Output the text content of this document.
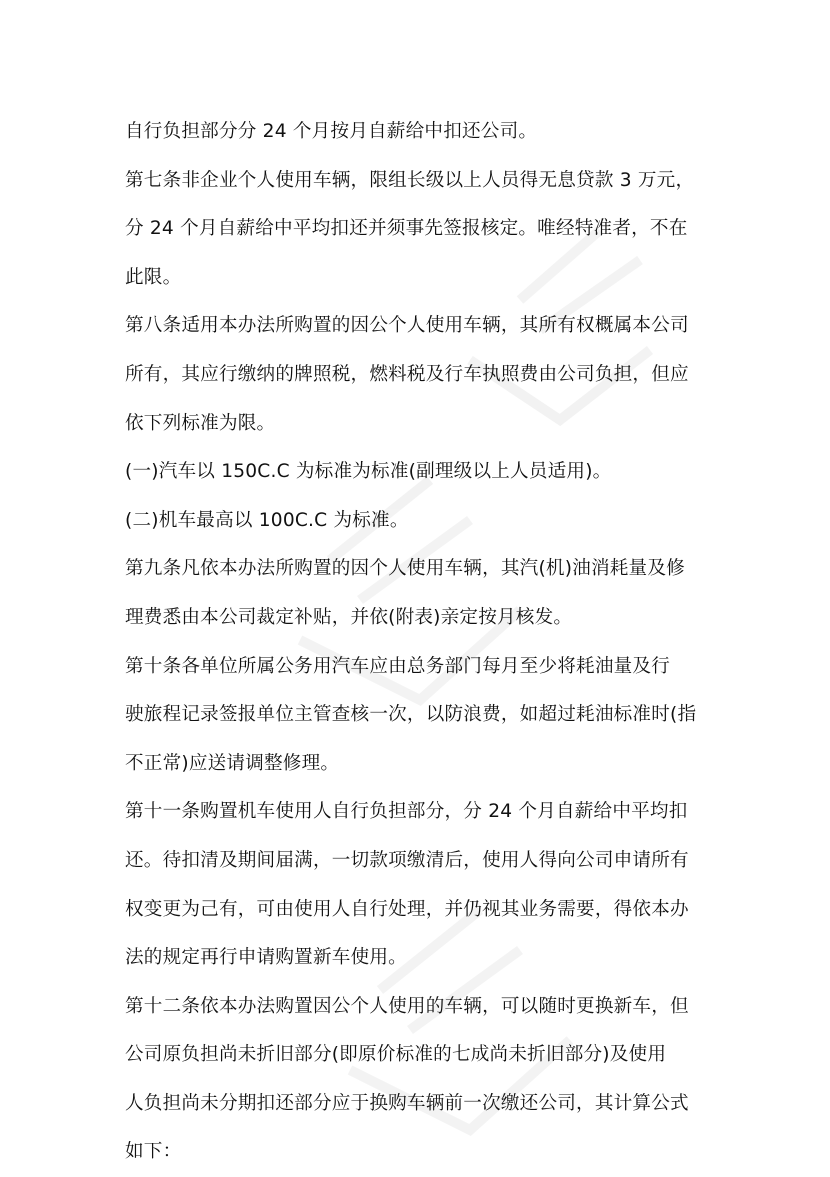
自行负担部分分 24 个月按月自薪给中扣还公司。

第七条非企业个人使用车辆，限组长级以上人员得无息贷款 3 万元，

分 24 个月自薪给中平均扣还并须事先签报核定。唯经特准者，不在

此限。

第八条适用本办法所购置的因公个人使用车辆，其所有权概属本公司

所有，其应行缴纳的牌照税，燃料税及行车执照费由公司负担，但应

依下列标准为限。

(一)汽车以 150C.C 为标准为标准(副理级以上人员适用)。

(二)机车最高以 100C.C 为标准。

第九条凡依本办法所购置的因个人使用车辆，其汽(机)油消耗量及修

理费悉由本公司裁定补贴，并依(附表)亲定按月核发。

第十条各单位所属公务用汽车应由总务部门每月至少将耗油量及行

驶旅程记录签报单位主管查核一次，以防浪费，如超过耗油标准时(指

不正常)应送请调整修理。

第十一条购置机车使用人自行负担部分，分 24 个月自薪给中平均扣

还。待扣清及期间届满，一切款项缴清后，使用人得向公司申请所有

权变更为己有，可由使用人自行处理，并仍视其业务需要，得依本办

法的规定再行申请购置新车使用。

第十二条依本办法购置因公个人使用的车辆，可以随时更换新车，但

公司原负担尚未折旧部分(即原价标准的七成尚未折旧部分)及使用

人负担尚未分期扣还部分应于换购车辆前一次缴还公司，其计算公式

如下：
